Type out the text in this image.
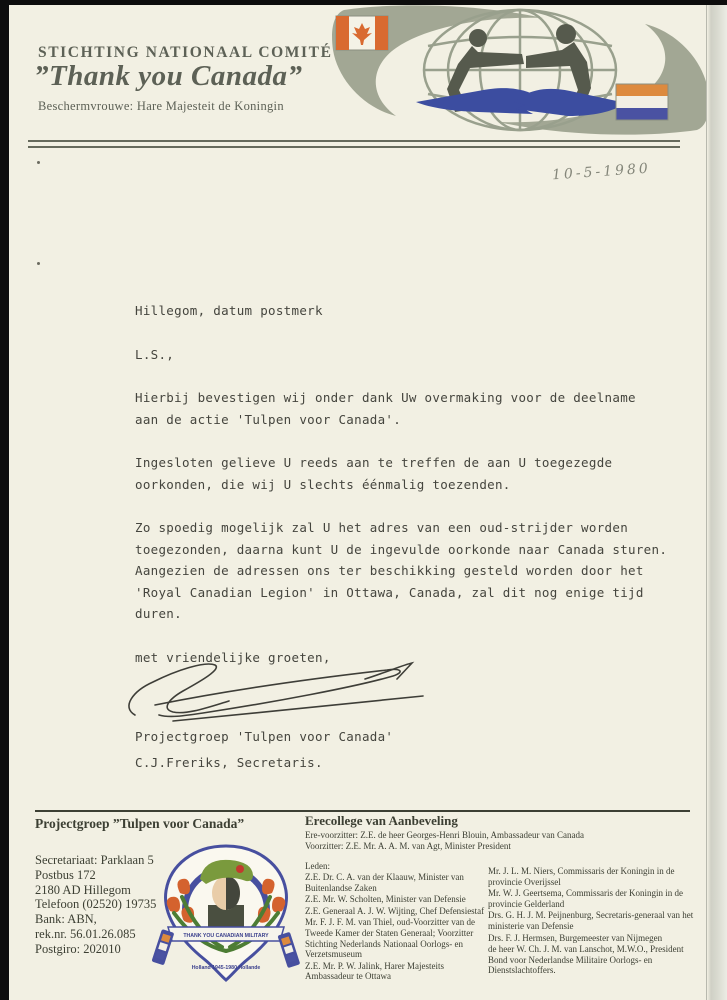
STICHTING NATIONAAL COMITÉ
”Thank you Canada”
Beschermvrouwe: Hare Majesteit de Koningin
10-5-1980
Hillegom, datum postmerk
L.S.,
Hierbij bevestigen wij onder dank Uw overmaking voor de deelname
aan de actie 'Tulpen voor Canada'.
Ingesloten gelieve U reeds aan te treffen de aan U toegezegde
oorkonden, die wij U slechts éénmalig toezenden.
Zo spoedig mogelijk zal U het adres van een oud-strijder worden
toegezonden, daarna kunt U de ingevulde oorkonde naar Canada sturen.
Aangezien de adressen ons ter beschikking gesteld worden door het
'Royal Canadian Legion' in Ottawa, Canada, zal dit nog enige tijd
duren.
met vriendelijke groeten,
Projectgroep 'Tulpen voor Canada'
C.J.Freriks, Secretaris.
Projectgroep ”Tulpen voor Canada”

Secretariaat: Parklaan 5

Postbus 172

2180 AD Hillegom

Telefoon (02520) 19735

Bank: ABN,

rek.nr. 56.01.26.085

Postgiro: 202010

THANK YOU CANADIAN MILITARY
Holland 1945-1980 Hollande
Erecollege van Aanbeveling

Ere-voorzitter: Z.E. de heer Georges-Henri Blouin, Ambassadeur van Canada

Voorzitter: Z.E. Mr. A. A. M. van Agt, Minister President

Leden:

Z.E. Dr. C. A. van der Klaauw, Minister van Buitenlandse Zaken

Z.E. Mr. W. Scholten, Minister van Defensie

Z.E. Generaal A. J. W. Wijting, Chef Defensiestaf

Mr. F. J. F. M. van Thiel, oud-Voorzitter van de Tweede Kamer der Staten Generaal; Voorzitter Stichting Nederlands Nationaal Oorlogs- en Verzetsmuseum

Z.E. Mr. P. W. Jalink, Harer Majesteits Ambassadeur te Ottawa

Mr. J. L. M. Niers, Commissaris der Koningin in de provincie Overijssel

Mr. W. J. Geertsema, Commissaris der Koningin in de provincie Gelderland

Drs. G. H. J. M. Peijnenburg, Secretaris-generaal van het ministerie van Defensie

Drs. F. J. Hermsen, Burgemeester van Nijmegen

de heer W. Ch. J. M. van Lanschot, M.W.O., President Bond voor Nederlandse Militaire Oorlogs- en Dienstslachtoffers.
